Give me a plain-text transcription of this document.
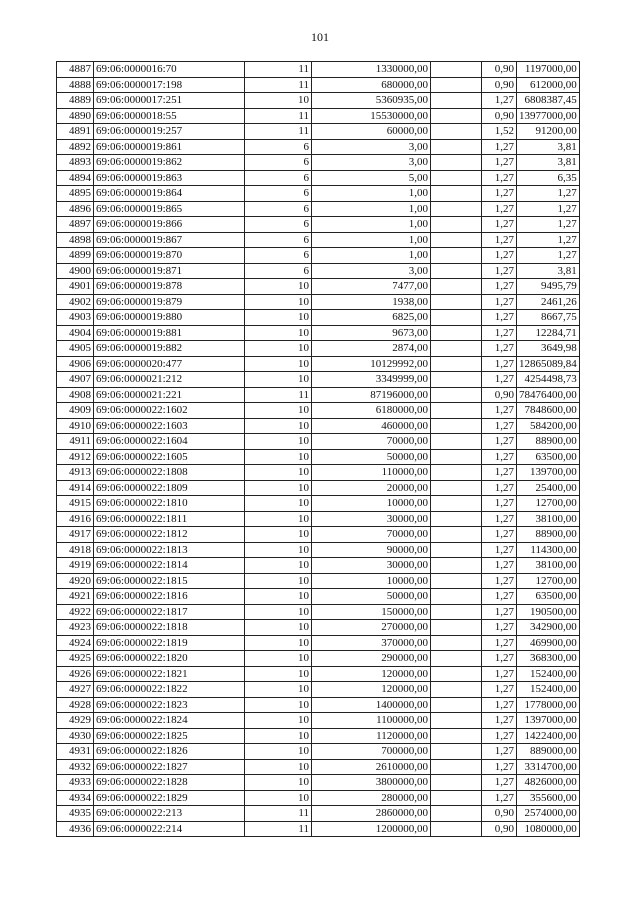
101
4887	69:06:0000016:70	11	1330000,00		0,90	1197000,00
4888	69:06:0000017:198	11	680000,00		0,90	612000,00
4889	69:06:0000017:251	10	5360935,00		1,27	6808387,45
4890	69:06:0000018:55	11	15530000,00		0,90	13977000,00
4891	69:06:0000019:257	11	60000,00		1,52	91200,00
4892	69:06:0000019:861	6	3,00		1,27	3,81
4893	69:06:0000019:862	6	3,00		1,27	3,81
4894	69:06:0000019:863	6	5,00		1,27	6,35
4895	69:06:0000019:864	6	1,00		1,27	1,27
4896	69:06:0000019:865	6	1,00		1,27	1,27
4897	69:06:0000019:866	6	1,00		1,27	1,27
4898	69:06:0000019:867	6	1,00		1,27	1,27
4899	69:06:0000019:870	6	1,00		1,27	1,27
4900	69:06:0000019:871	6	3,00		1,27	3,81
4901	69:06:0000019:878	10	7477,00		1,27	9495,79
4902	69:06:0000019:879	10	1938,00		1,27	2461,26
4903	69:06:0000019:880	10	6825,00		1,27	8667,75
4904	69:06:0000019:881	10	9673,00		1,27	12284,71
4905	69:06:0000019:882	10	2874,00		1,27	3649,98
4906	69:06:0000020:477	10	10129992,00		1,27	12865089,84
4907	69:06:0000021:212	10	3349999,00		1,27	4254498,73
4908	69:06:0000021:221	11	87196000,00		0,90	78476400,00
4909	69:06:0000022:1602	10	6180000,00		1,27	7848600,00
4910	69:06:0000022:1603	10	460000,00		1,27	584200,00
4911	69:06:0000022:1604	10	70000,00		1,27	88900,00
4912	69:06:0000022:1605	10	50000,00		1,27	63500,00
4913	69:06:0000022:1808	10	110000,00		1,27	139700,00
4914	69:06:0000022:1809	10	20000,00		1,27	25400,00
4915	69:06:0000022:1810	10	10000,00		1,27	12700,00
4916	69:06:0000022:1811	10	30000,00		1,27	38100,00
4917	69:06:0000022:1812	10	70000,00		1,27	88900,00
4918	69:06:0000022:1813	10	90000,00		1,27	114300,00
4919	69:06:0000022:1814	10	30000,00		1,27	38100,00
4920	69:06:0000022:1815	10	10000,00		1,27	12700,00
4921	69:06:0000022:1816	10	50000,00		1,27	63500,00
4922	69:06:0000022:1817	10	150000,00		1,27	190500,00
4923	69:06:0000022:1818	10	270000,00		1,27	342900,00
4924	69:06:0000022:1819	10	370000,00		1,27	469900,00
4925	69:06:0000022:1820	10	290000,00		1,27	368300,00
4926	69:06:0000022:1821	10	120000,00		1,27	152400,00
4927	69:06:0000022:1822	10	120000,00		1,27	152400,00
4928	69:06:0000022:1823	10	1400000,00		1,27	1778000,00
4929	69:06:0000022:1824	10	1100000,00		1,27	1397000,00
4930	69:06:0000022:1825	10	1120000,00		1,27	1422400,00
4931	69:06:0000022:1826	10	700000,00		1,27	889000,00
4932	69:06:0000022:1827	10	2610000,00		1,27	3314700,00
4933	69:06:0000022:1828	10	3800000,00		1,27	4826000,00
4934	69:06:0000022:1829	10	280000,00		1,27	355600,00
4935	69:06:0000022:213	11	2860000,00		0,90	2574000,00
4936	69:06:0000022:214	11	1200000,00		0,90	1080000,00
